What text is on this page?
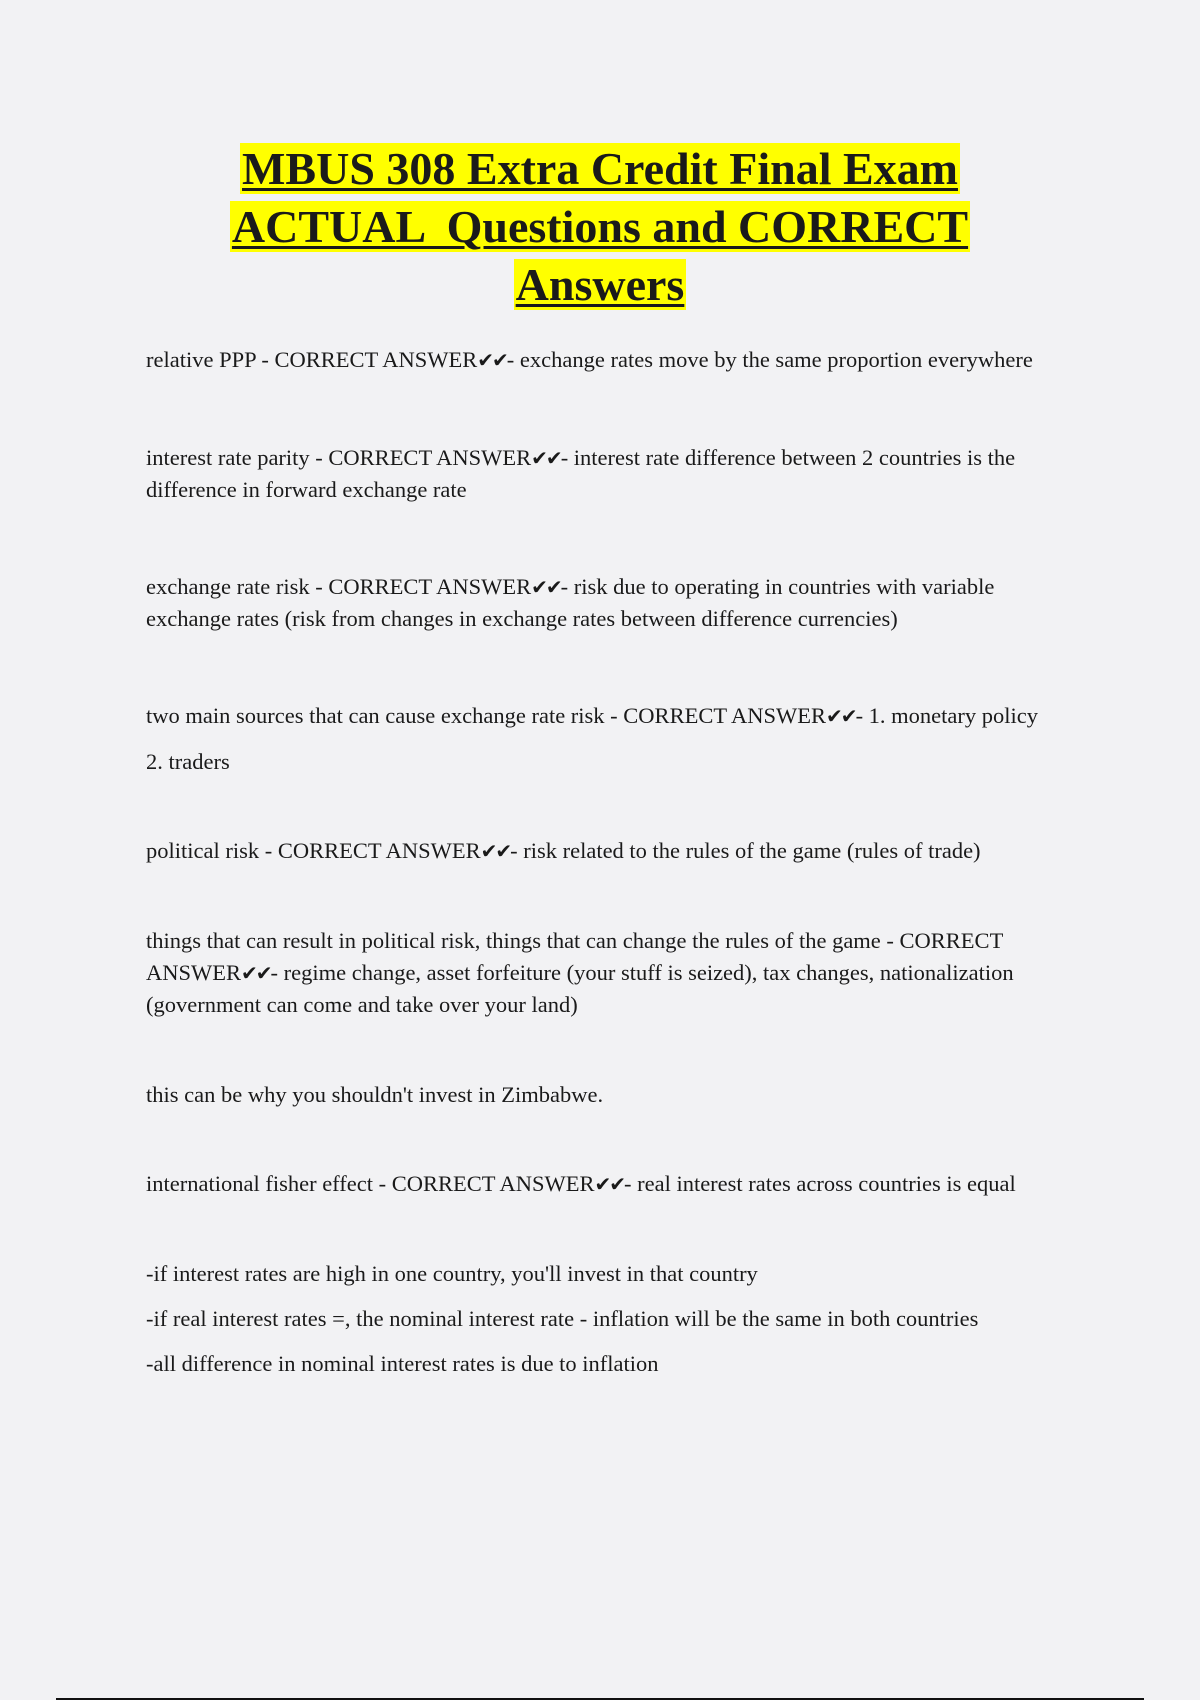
MBUS 308 Extra Credit Final Exam
ACTUAL  Questions and CORRECT
Answers

relative PPP - CORRECT ANSWER✔✔- exchange rates move by the same proportion everywhere

interest rate parity - CORRECT ANSWER✔✔- interest rate difference between 2 countries is the difference in forward exchange rate

exchange rate risk - CORRECT ANSWER✔✔- risk due to operating in countries with variable exchange rates (risk from changes in exchange rates between difference currencies)

two main sources that can cause exchange rate risk - CORRECT ANSWER✔✔- 1. monetary policy

2. traders

political risk - CORRECT ANSWER✔✔- risk related to the rules of the game (rules of trade)

things that can result in political risk, things that can change the rules of the game - CORRECT ANSWER✔✔- regime change, asset forfeiture (your stuff is seized), tax changes, nationalization (government can come and take over your land)

this can be why you shouldn't invest in Zimbabwe.

international fisher effect - CORRECT ANSWER✔✔- real interest rates across countries is equal

-if interest rates are high in one country, you'll invest in that country

-if real interest rates =, the nominal interest rate - inflation will be the same in both countries

-all difference in nominal interest rates is due to inflation
